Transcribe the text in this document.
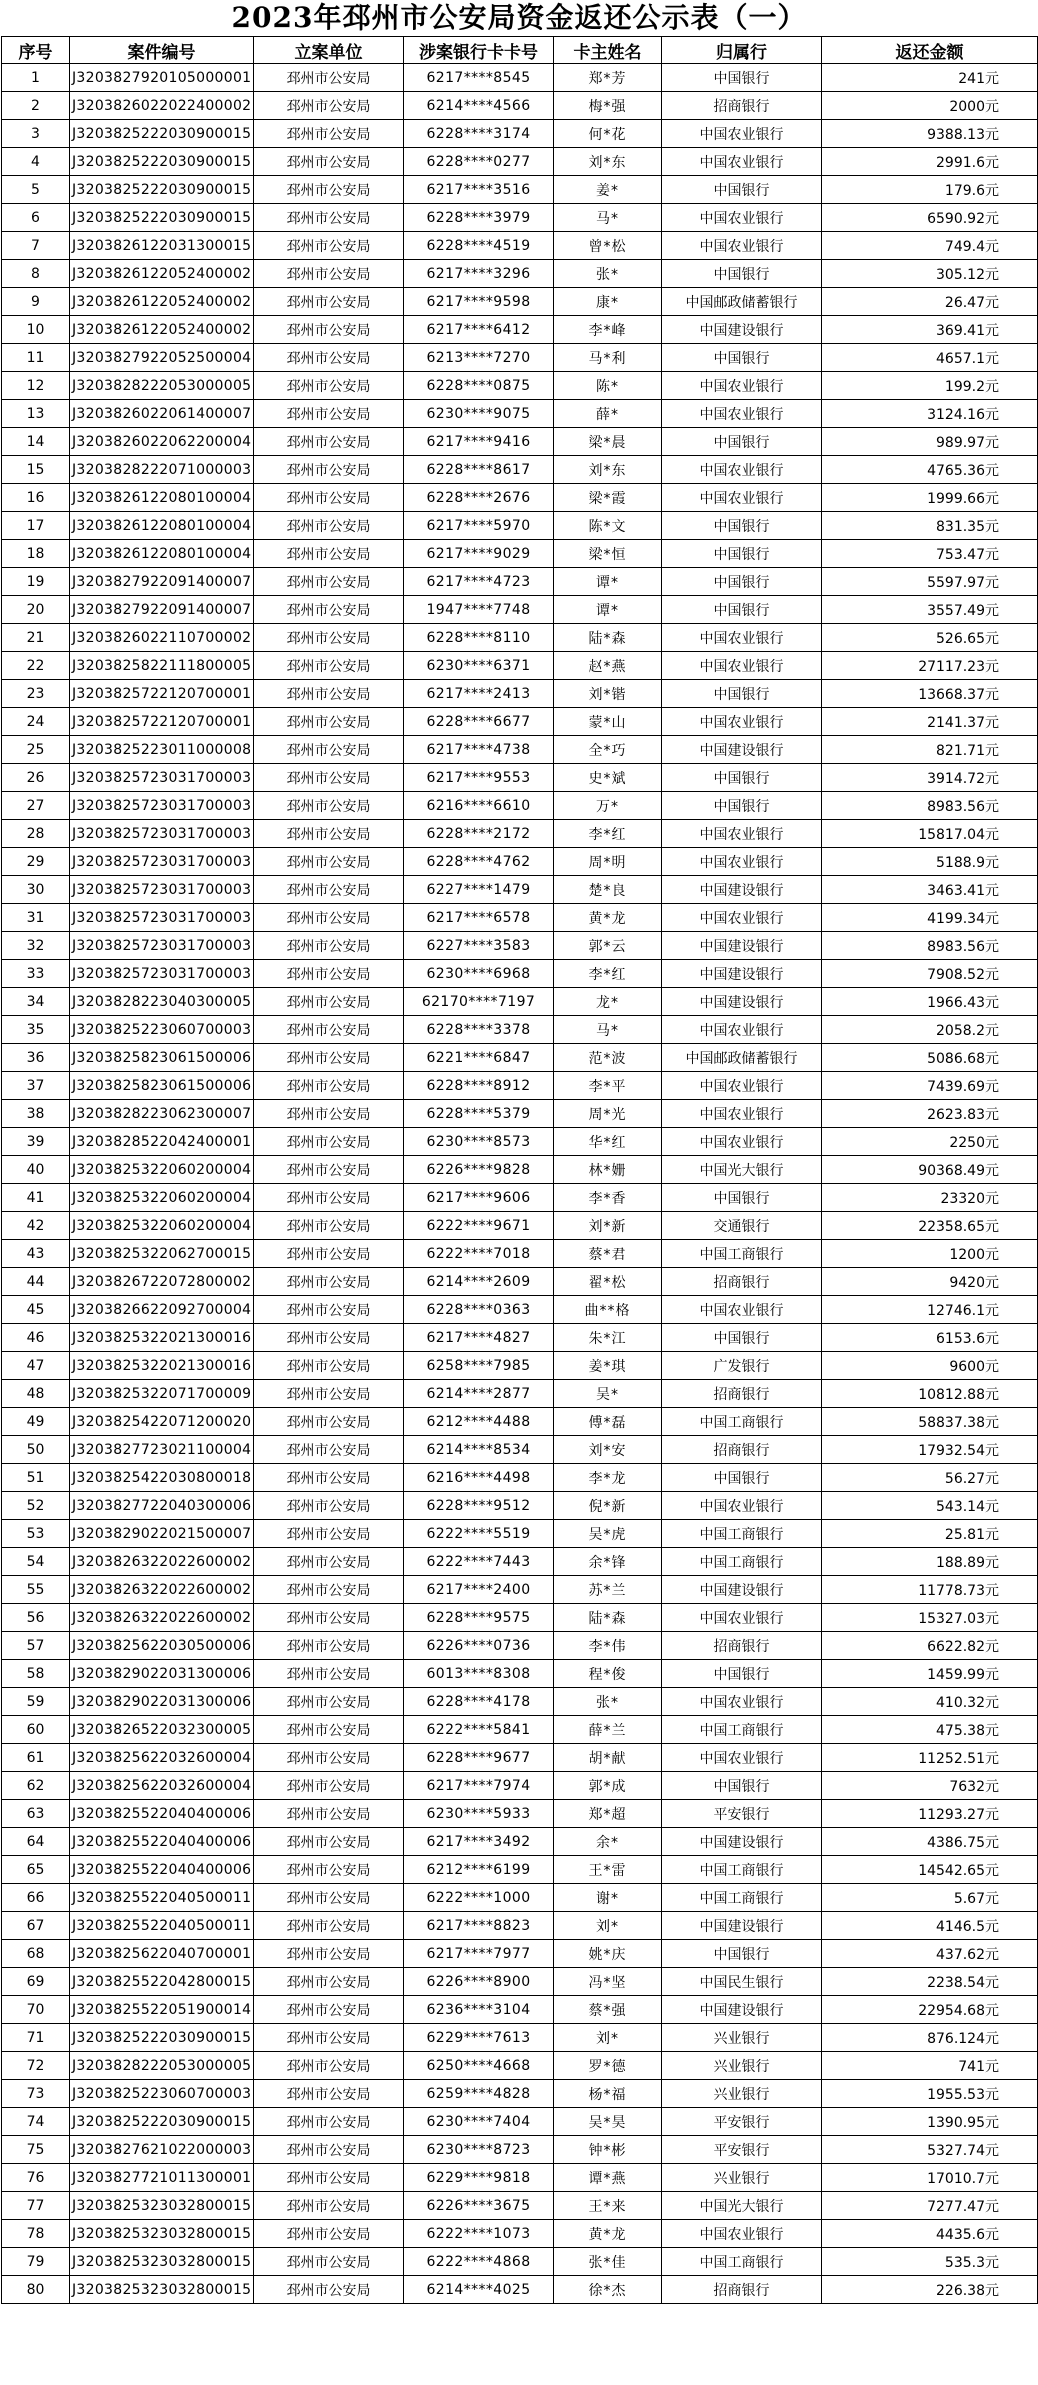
2023年邳州市公安局资金返还公示表（一）
序号	案件编号	立案单位	涉案银行卡卡号	卡主姓名	归属行	返还金额
1	J3203827920105000001	邳州市公安局	6217****8545	郑*芳	中国银行	241元
2	J3203826022022400002	邳州市公安局	6214****4566	梅*强	招商银行	2000元
3	J3203825222030900015	邳州市公安局	6228****3174	何*花	中国农业银行	9388.13元
4	J3203825222030900015	邳州市公安局	6228****0277	刘*东	中国农业银行	2991.6元
5	J3203825222030900015	邳州市公安局	6217****3516	姜*	中国银行	179.6元
6	J3203825222030900015	邳州市公安局	6228****3979	马*	中国农业银行	6590.92元
7	J3203826122031300015	邳州市公安局	6228****4519	曾*松	中国农业银行	749.4元
8	J3203826122052400002	邳州市公安局	6217****3296	张*	中国银行	305.12元
9	J3203826122052400002	邳州市公安局	6217****9598	康*	中国邮政储蓄银行	26.47元
10	J3203826122052400002	邳州市公安局	6217****6412	李*峰	中国建设银行	369.41元
11	J3203827922052500004	邳州市公安局	6213****7270	马*利	中国银行	4657.1元
12	J3203828222053000005	邳州市公安局	6228****0875	陈*	中国农业银行	199.2元
13	J3203826022061400007	邳州市公安局	6230****9075	薛*	中国农业银行	3124.16元
14	J3203826022062200004	邳州市公安局	6217****9416	梁*晨	中国银行	989.97元
15	J3203828222071000003	邳州市公安局	6228****8617	刘*东	中国农业银行	4765.36元
16	J3203826122080100004	邳州市公安局	6228****2676	梁*霞	中国农业银行	1999.66元
17	J3203826122080100004	邳州市公安局	6217****5970	陈*文	中国银行	831.35元
18	J3203826122080100004	邳州市公安局	6217****9029	梁*恒	中国银行	753.47元
19	J3203827922091400007	邳州市公安局	6217****4723	谭*	中国银行	5597.97元
20	J3203827922091400007	邳州市公安局	1947****7748	谭*	中国银行	3557.49元
21	J3203826022110700002	邳州市公安局	6228****8110	陆*森	中国农业银行	526.65元
22	J3203825822111800005	邳州市公安局	6230****6371	赵*燕	中国农业银行	27117.23元
23	J3203825722120700001	邳州市公安局	6217****2413	刘*锴	中国银行	13668.37元
24	J3203825722120700001	邳州市公安局	6228****6677	蒙*山	中国农业银行	2141.37元
25	J3203825223011000008	邳州市公安局	6217****4738	全*巧	中国建设银行	821.71元
26	J3203825723031700003	邳州市公安局	6217****9553	史*斌	中国银行	3914.72元
27	J3203825723031700003	邳州市公安局	6216****6610	万*	中国银行	8983.56元
28	J3203825723031700003	邳州市公安局	6228****2172	李*红	中国农业银行	15817.04元
29	J3203825723031700003	邳州市公安局	6228****4762	周*明	中国农业银行	5188.9元
30	J3203825723031700003	邳州市公安局	6227****1479	楚*良	中国建设银行	3463.41元
31	J3203825723031700003	邳州市公安局	6217****6578	黄*龙	中国农业银行	4199.34元
32	J3203825723031700003	邳州市公安局	6227****3583	郭*云	中国建设银行	8983.56元
33	J3203825723031700003	邳州市公安局	6230****6968	李*红	中国建设银行	7908.52元
34	J3203828223040300005	邳州市公安局	62170****7197	龙*	中国建设银行	1966.43元
35	J3203825223060700003	邳州市公安局	6228****3378	马*	中国农业银行	2058.2元
36	J3203825823061500006	邳州市公安局	6221****6847	范*波	中国邮政储蓄银行	5086.68元
37	J3203825823061500006	邳州市公安局	6228****8912	李*平	中国农业银行	7439.69元
38	J3203828223062300007	邳州市公安局	6228****5379	周*光	中国农业银行	2623.83元
39	J3203828522042400001	邳州市公安局	6230****8573	华*红	中国农业银行	2250元
40	J3203825322060200004	邳州市公安局	6226****9828	林*姗	中国光大银行	90368.49元
41	J3203825322060200004	邳州市公安局	6217****9606	李*香	中国银行	23320元
42	J3203825322060200004	邳州市公安局	6222****9671	刘*新	交通银行	22358.65元
43	J3203825322062700015	邳州市公安局	6222****7018	蔡*君	中国工商银行	1200元
44	J3203826722072800002	邳州市公安局	6214****2609	翟*松	招商银行	9420元
45	J3203826622092700004	邳州市公安局	6228****0363	曲**格	中国农业银行	12746.1元
46	J3203825322021300016	邳州市公安局	6217****4827	朱*江	中国银行	6153.6元
47	J3203825322021300016	邳州市公安局	6258****7985	姜*琪	广发银行	9600元
48	J3203825322071700009	邳州市公安局	6214****2877	吴*	招商银行	10812.88元
49	J3203825422071200020	邳州市公安局	6212****4488	傅*磊	中国工商银行	58837.38元
50	J3203827723021100004	邳州市公安局	6214****8534	刘*安	招商银行	17932.54元
51	J3203825422030800018	邳州市公安局	6216****4498	李*龙	中国银行	56.27元
52	J3203827722040300006	邳州市公安局	6228****9512	倪*新	中国农业银行	543.14元
53	J3203829022021500007	邳州市公安局	6222****5519	吴*虎	中国工商银行	25.81元
54	J3203826322022600002	邳州市公安局	6222****7443	余*锋	中国工商银行	188.89元
55	J3203826322022600002	邳州市公安局	6217****2400	苏*兰	中国建设银行	11778.73元
56	J3203826322022600002	邳州市公安局	6228****9575	陆*森	中国农业银行	15327.03元
57	J3203825622030500006	邳州市公安局	6226****0736	李*伟	招商银行	6622.82元
58	J3203829022031300006	邳州市公安局	6013****8308	程*俊	中国银行	1459.99元
59	J3203829022031300006	邳州市公安局	6228****4178	张*	中国农业银行	410.32元
60	J3203826522032300005	邳州市公安局	6222****5841	薛*兰	中国工商银行	475.38元
61	J3203825622032600004	邳州市公安局	6228****9677	胡*献	中国农业银行	11252.51元
62	J3203825622032600004	邳州市公安局	6217****7974	郭*成	中国银行	7632元
63	J3203825522040400006	邳州市公安局	6230****5933	郑*超	平安银行	11293.27元
64	J3203825522040400006	邳州市公安局	6217****3492	余*	中国建设银行	4386.75元
65	J3203825522040400006	邳州市公安局	6212****6199	王*雷	中国工商银行	14542.65元
66	J3203825522040500011	邳州市公安局	6222****1000	谢*	中国工商银行	5.67元
67	J3203825522040500011	邳州市公安局	6217****8823	刘*	中国建设银行	4146.5元
68	J3203825622040700001	邳州市公安局	6217****7977	姚*庆	中国银行	437.62元
69	J3203825522042800015	邳州市公安局	6226****8900	冯*坚	中国民生银行	2238.54元
70	J3203825522051900014	邳州市公安局	6236****3104	蔡*强	中国建设银行	22954.68元
71	J3203825222030900015	邳州市公安局	6229****7613	刘*	兴业银行	876.124元
72	J3203828222053000005	邳州市公安局	6250****4668	罗*德	兴业银行	741元
73	J3203825223060700003	邳州市公安局	6259****4828	杨*福	兴业银行	1955.53元
74	J3203825222030900015	邳州市公安局	6230****7404	吴*昊	平安银行	1390.95元
75	J3203827621022000003	邳州市公安局	6230****8723	钟*彬	平安银行	5327.74元
76	J3203827721011300001	邳州市公安局	6229****9818	谭*燕	兴业银行	17010.7元
77	J3203825323032800015	邳州市公安局	6226****3675	王*来	中国光大银行	7277.47元
78	J3203825323032800015	邳州市公安局	6222****1073	黄*龙	中国农业银行	4435.6元
79	J3203825323032800015	邳州市公安局	6222****4868	张*佳	中国工商银行	535.3元
80	J3203825323032800015	邳州市公安局	6214****4025	徐*杰	招商银行	226.38元
